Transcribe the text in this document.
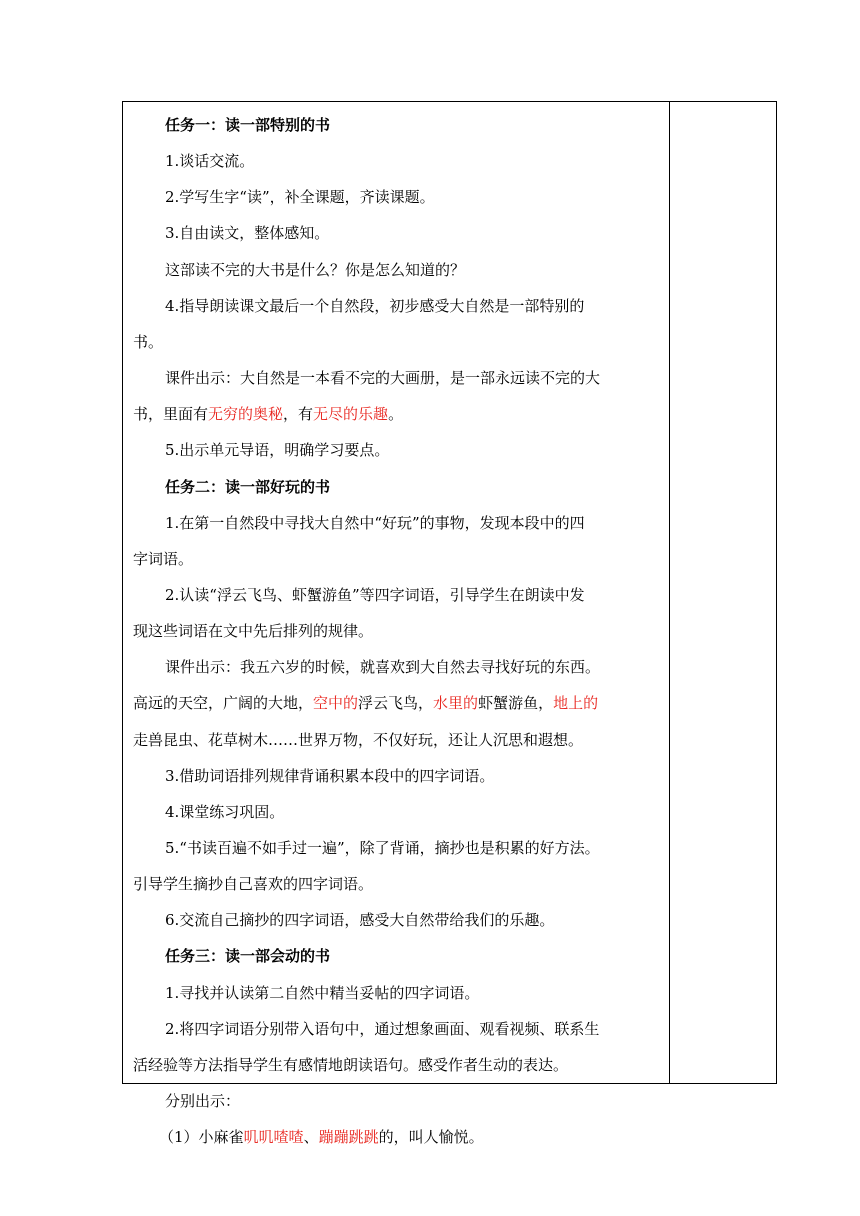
任务一：读一部特别的书
1.谈话交流。
2.学写生字“读”，补全课题，齐读课题。
3.自由读文，整体感知。
这部读不完的大书是什么？你是怎么知道的？
4.指导朗读课文最后一个自然段，初步感受大自然是一部特别的
书。
课件出示：大自然是一本看不完的大画册，是一部永远读不完的大
书，里面有无穷的奥秘，有无尽的乐趣。
5.出示单元导语，明确学习要点。
任务二：读一部好玩的书
1.在第一自然段中寻找大自然中“好玩”的事物，发现本段中的四
字词语。
2.认读“浮云飞鸟、虾蟹游鱼”等四字词语，引导学生在朗读中发
现这些词语在文中先后排列的规律。
课件出示：我五六岁的时候，就喜欢到大自然去寻找好玩的东西。
高远的天空，广阔的大地，空中的浮云飞鸟，水里的虾蟹游鱼，地上的
走兽昆虫、花草树木……世界万物，不仅好玩，还让人沉思和遐想。
3.借助词语排列规律背诵积累本段中的四字词语。
4.课堂练习巩固。
5.“书读百遍不如手过一遍”，除了背诵，摘抄也是积累的好方法。
引导学生摘抄自己喜欢的四字词语。
6.交流自己摘抄的四字词语，感受大自然带给我们的乐趣。
任务三：读一部会动的书
1.寻找并认读第二自然中精当妥帖的四字词语。
2.将四字词语分别带入语句中，通过想象画面、观看视频、联系生
活经验等方法指导学生有感情地朗读语句。感受作者生动的表达。
分别出示：
（1）小麻雀叽叽喳喳、蹦蹦跳跳的，叫人愉悦。
